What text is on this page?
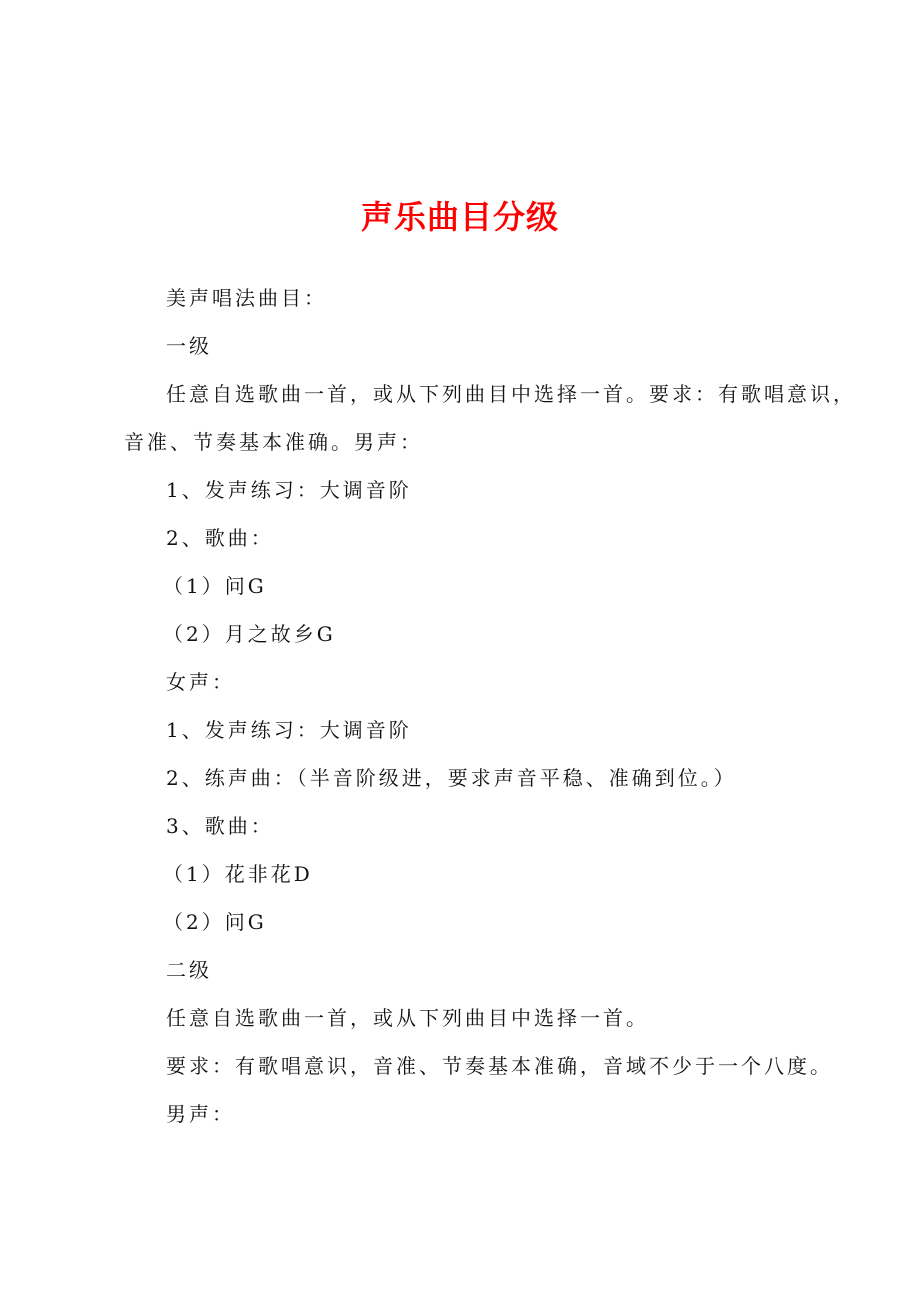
声乐曲目分级
美声唱法曲目：
一级
任意自选歌曲一首，或从下列曲目中选择一首。要求：有歌唱意识，
音准、节奏基本准确。男声：
1、发声练习：大调音阶
2、歌曲：
（1）问G
（2）月之故乡G
女声：
1、发声练习：大调音阶
2、练声曲：（半音阶级进，要求声音平稳、准确到位。）
3、歌曲：
（1）花非花D
（2）问G
二级
任意自选歌曲一首，或从下列曲目中选择一首。
要求：有歌唱意识，音准、节奏基本准确，音域不少于一个八度。
男声：
